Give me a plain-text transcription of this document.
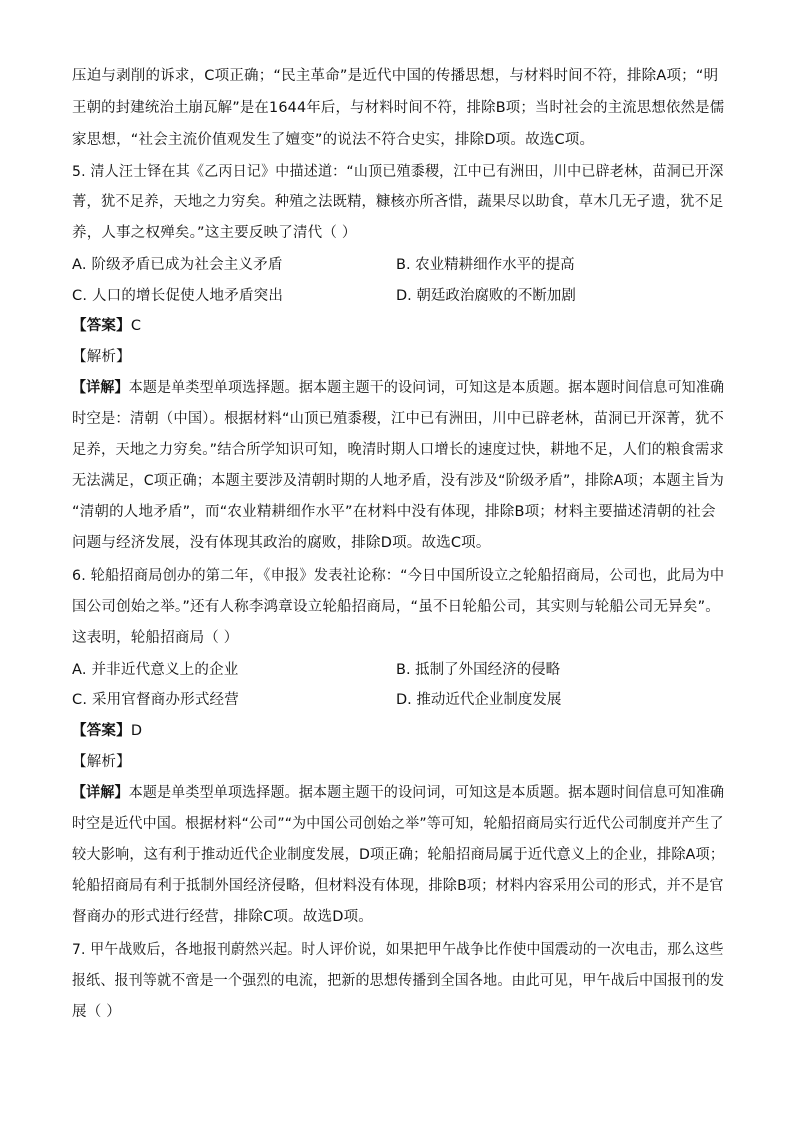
压迫与剥削的诉求，C项正确；“民主革命”是近代中国的传播思想，与材料时间不符，排除A项；“明
王朝的封建统治土崩瓦解”是在1644年后，与材料时间不符，排除B项；当时社会的主流思想依然是儒
家思想，“社会主流价值观发生了嬗变”的说法不符合史实，排除D项。故选C项。
5. 清人汪士铎在其《乙丙日记》中描述道：“山顶已殖黍稷，江中已有洲田，川中已辟老林，苗洞已开深
菁，犹不足养，天地之力穷矣。种殖之法既精，糠核亦所吝惜，蔬果尽以助食，草木几无孑遗，犹不足
养，人事之权殚矣。”这主要反映了清代（ ）
A. 阶级矛盾已成为社会主义矛盾	B. 农业精耕细作水平的提高
C. 人口的增长促使人地矛盾突出	D. 朝廷政治腐败的不断加剧
【答案】C
【解析】
【详解】本题是单类型单项选择题。据本题主题干的设问词，可知这是本质题。据本题时间信息可知准确
时空是：清朝（中国）。根据材料“山顶已殖黍稷，江中已有洲田，川中已辟老林，苗洞已开深菁，犹不
足养，天地之力穷矣。”结合所学知识可知，晚清时期人口增长的速度过快，耕地不足，人们的粮食需求
无法满足，C项正确；本题主要涉及清朝时期的人地矛盾，没有涉及“阶级矛盾”，排除A项；本题主旨为
“清朝的人地矛盾”，而“农业精耕细作水平”在材料中没有体现，排除B项；材料主要描述清朝的社会
问题与经济发展，没有体现其政治的腐败，排除D项。故选C项。
6. 轮船招商局创办的第二年，《申报》发表社论称：“今日中国所设立之轮船招商局，公司也，此局为中
国公司创始之举。”还有人称李鸿章设立轮船招商局，“虽不日轮船公司，其实则与轮船公司无异矣”。
这表明，轮船招商局（ ）
A. 并非近代意义上的企业	B. 抵制了外国经济的侵略
C. 采用官督商办形式经营	D. 推动近代企业制度发展
【答案】D
【解析】
【详解】本题是单类型单项选择题。据本题主题干的设问词，可知这是本质题。据本题时间信息可知准确
时空是近代中国。根据材料“公司”“为中国公司创始之举”等可知，轮船招商局实行近代公司制度并产生了
较大影响，这有利于推动近代企业制度发展，D项正确；轮船招商局属于近代意义上的企业，排除A项；
轮船招商局有利于抵制外国经济侵略，但材料没有体现，排除B项；材料内容采用公司的形式，并不是官
督商办的形式进行经营，排除C项。故选D项。
7. 甲午战败后，各地报刊蔚然兴起。时人评价说，如果把甲午战争比作使中国震动的一次电击，那么这些
报纸、报刊等就不啻是一个强烈的电流，把新的思想传播到全国各地。由此可见，甲午战后中国报刊的发
展（ ）
